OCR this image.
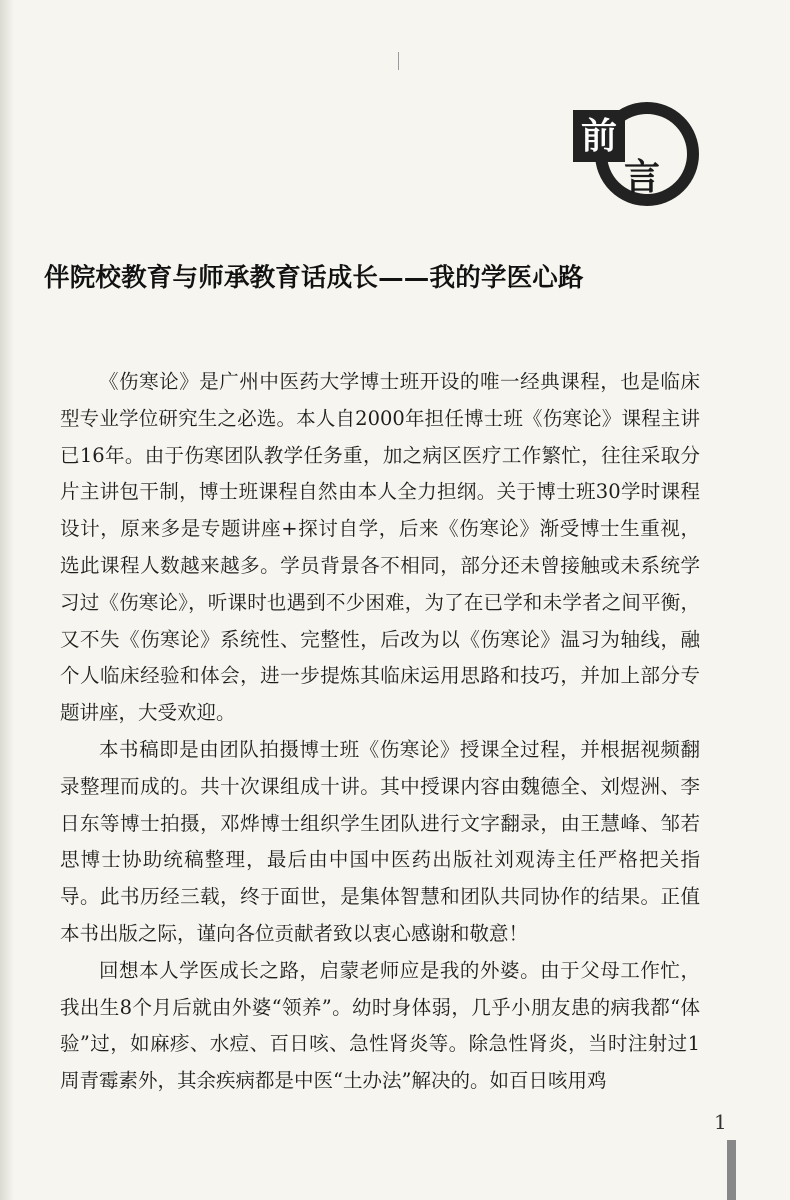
前
言
伴院校教育与师承教育话成长——我的学医心路

《伤寒论》是广州中医药大学博士班开设的唯一经典课程，也是临床型专业学位研究生之必选。本人自2000年担任博士班《伤寒论》课程主讲已16年。由于伤寒团队教学任务重，加之病区医疗工作繁忙，往往采取分片主讲包干制，博士班课程自然由本人全力担纲。关于博士班30学时课程设计，原来多是专题讲座+探讨自学，后来《伤寒论》渐受博士生重视，选此课程人数越来越多。学员背景各不相同，部分还未曾接触或未系统学习过《伤寒论》，听课时也遇到不少困难，为了在已学和未学者之间平衡，又不失《伤寒论》系统性、完整性，后改为以《伤寒论》温习为轴线，融个人临床经验和体会，进一步提炼其临床运用思路和技巧，并加上部分专题讲座，大受欢迎。

本书稿即是由团队拍摄博士班《伤寒论》授课全过程，并根据视频翻录整理而成的。共十次课组成十讲。其中授课内容由魏德全、刘煜洲、李日东等博士拍摄，邓烨博士组织学生团队进行文字翻录，由王慧峰、邹若思博士协助统稿整理，最后由中国中医药出版社刘观涛主任严格把关指导。此书历经三载，终于面世，是集体智慧和团队共同协作的结果。正值本书出版之际，谨向各位贡献者致以衷心感谢和敬意！

回想本人学医成长之路，启蒙老师应是我的外婆。由于父母工作忙，我出生8个月后就由外婆“领养”。幼时身体弱，几乎小朋友患的病我都“体验”过，如麻疹、水痘、百日咳、急性肾炎等。除急性肾炎，当时注射过1周青霉素外，其余疾病都是中医“土办法”解决的。如百日咳用鸡

1
